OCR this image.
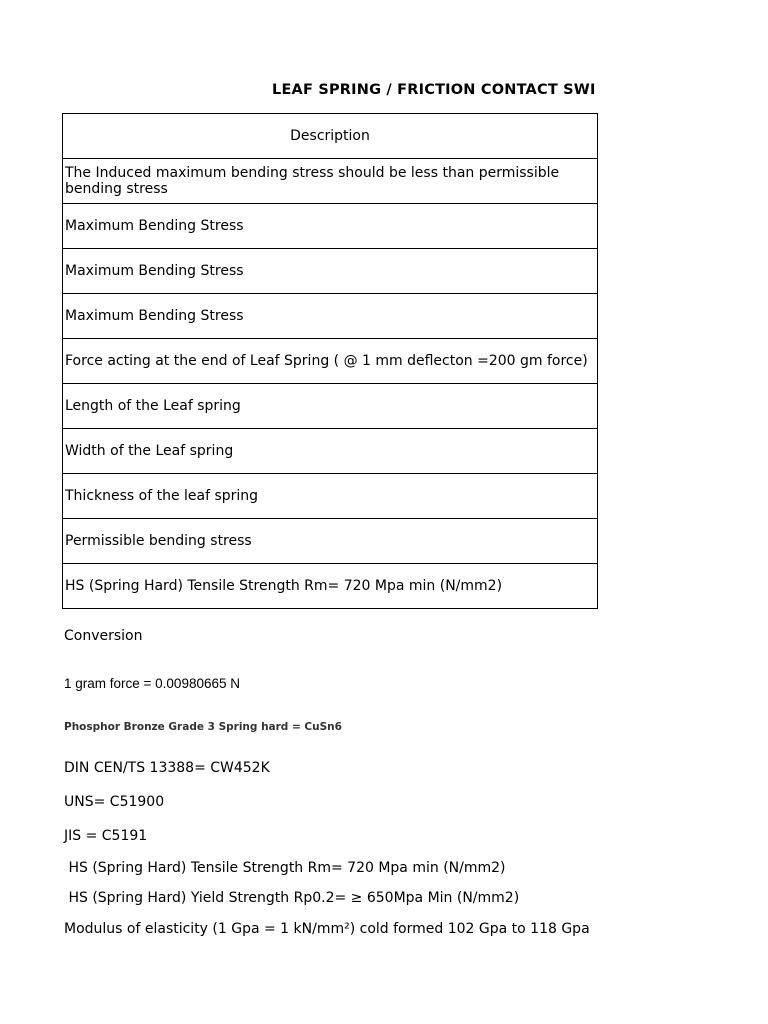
LEAF SPRING / FRICTION CONTACT SWI
Description
The Induced maximum bending stress should be less than permissible bending stress
Maximum Bending Stress
Maximum Bending Stress
Maximum Bending Stress
Force acting at the end of Leaf Spring ( @ 1 mm deflecton =200 gm force)
Length of the Leaf spring
Width of the Leaf spring
Thickness of the leaf spring
Permissible bending stress
HS (Spring Hard) Tensile Strength Rm= 720 Mpa min (N/mm2)
Conversion
1 gram force = 0.00980665 N
Phosphor Bronze Grade 3 Spring hard = CuSn6
DIN CEN/TS 13388= CW452K
UNS= C51900
JIS = C5191
HS (Spring Hard) Tensile Strength Rm= 720 Mpa min (N/mm2)
HS (Spring Hard) Yield Strength Rp0.2= ≥ 650Mpa Min (N/mm2)
Modulus of elasticity (1 Gpa = 1 kN/mm²) cold formed 102 Gpa to 118 Gpa
